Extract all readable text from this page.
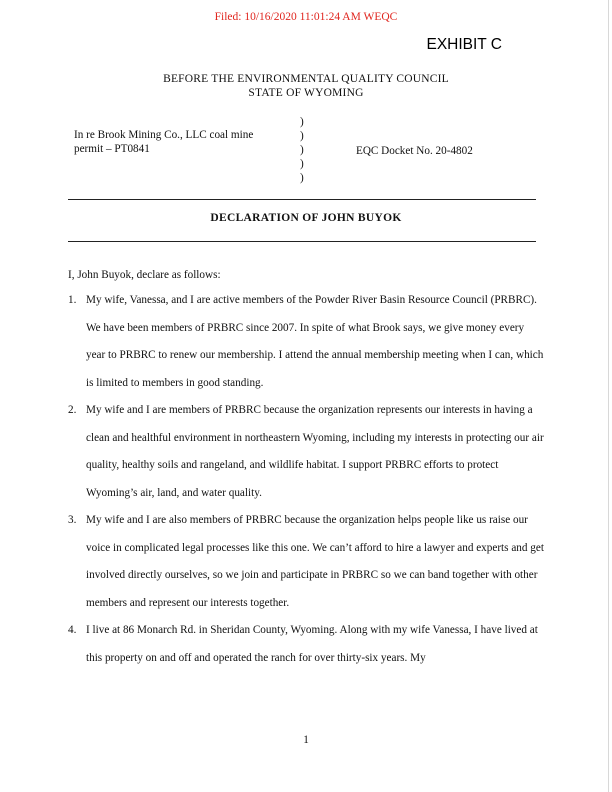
Filed: 10/16/2020 11:01:24 AM WEQC
EXHIBIT C
BEFORE THE ENVIRONMENTAL QUALITY COUNCIL
STATE OF WYOMING
In re Brook Mining Co., LLC coal mine
permit – PT0841
)
)
)
)
)
EQC Docket No. 20-4802
DECLARATION OF JOHN BUYOK
I, John Buyok, declare as follows:
1. My wife, Vanessa, and I are active members of the Powder River Basin Resource Council (PRBRC). We have been members of PRBRC since 2007. In spite of what Brook says, we give money every year to PRBRC to renew our membership. I attend the annual membership meeting when I can, which is limited to members in good standing.
2. My wife and I are members of PRBRC because the organization represents our interests in having a clean and healthful environment in northeastern Wyoming, including my interests in protecting our air quality, healthy soils and rangeland, and wildlife habitat. I support PRBRC efforts to protect Wyoming’s air, land, and water quality.
3. My wife and I are also members of PRBRC because the organization helps people like us raise our voice in complicated legal processes like this one. We can’t afford to hire a lawyer and experts and get involved directly ourselves, so we join and participate in PRBRC so we can band together with other members and represent our interests together.
4. I live at 86 Monarch Rd. in Sheridan County, Wyoming. Along with my wife Vanessa, I have lived at this property on and off and operated the ranch for over thirty-six years. My
1
